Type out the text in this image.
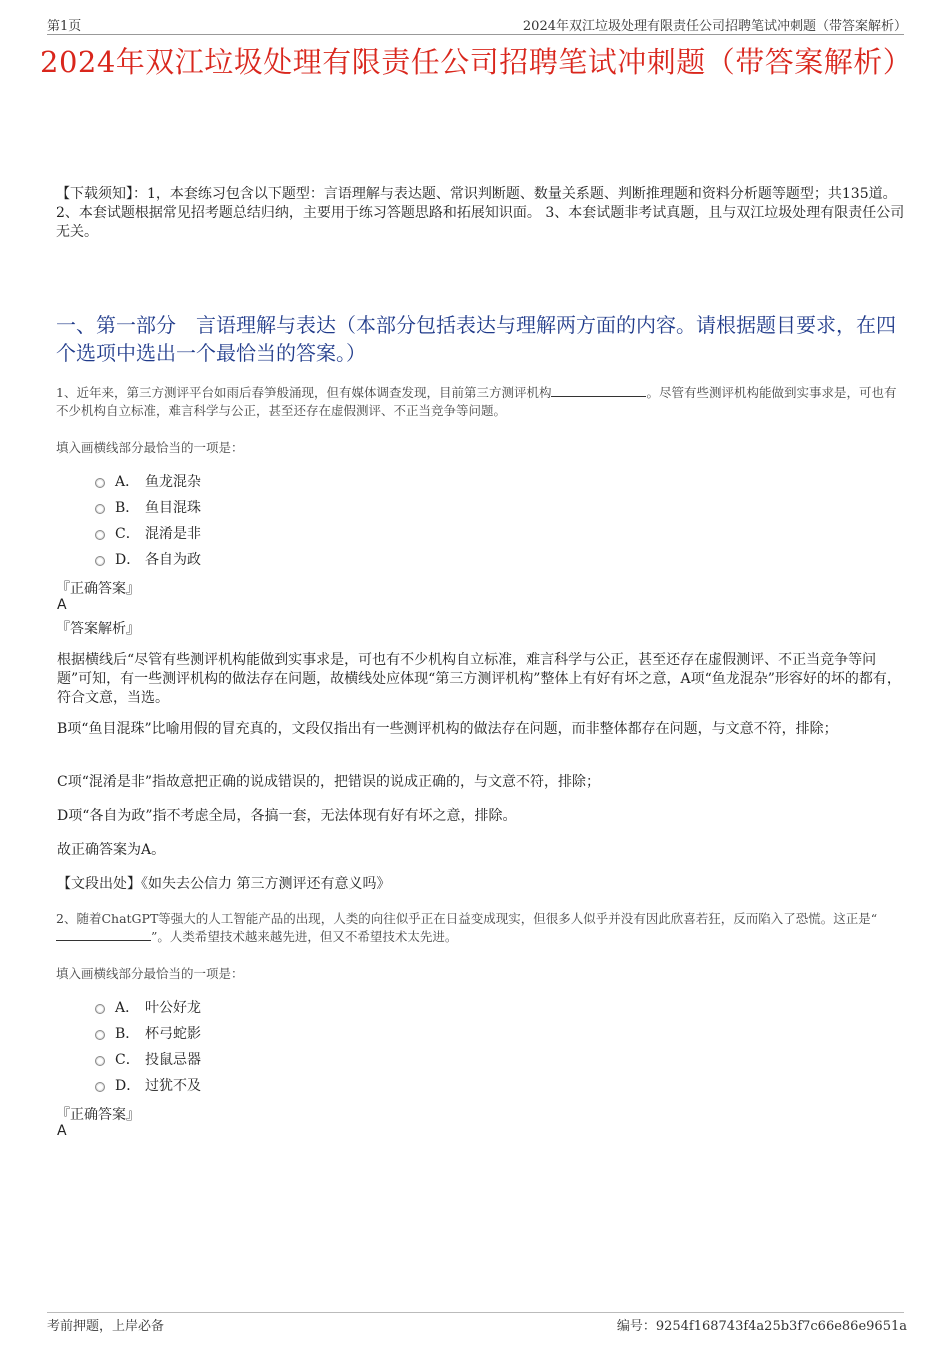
第1页	2024年双江垃圾处理有限责任公司招聘笔试冲刺题（带答案解析）
2024年双江垃圾处理有限责任公司招聘笔试冲刺题（带答案解析）
【下载须知】：1，本套练习包含以下题型：言语理解与表达题、常识判断题、数量关系题、判断推理题和资料分析题等题型；共135道。 2、本套试题根据常见招考题总结归纳，主要用于练习答题思路和拓展知识面。 3、本套试题非考试真题，且与双江垃圾处理有限责任公司无关。
一、第一部分　言语理解与表达（本部分包括表达与理解两方面的内容。请根据题目要求，在四个选项中选出一个最恰当的答案。）
1、近年来，第三方测评平台如雨后春笋般涌现，但有媒体调查发现，目前第三方测评机构	。尽管有些测评机构能做到实事求是，可也有不少机构自立标准，难言科学与公正，甚至还存在虚假测评、不正当竞争等问题。
填入画横线部分最恰当的一项是：
A． 鱼龙混杂
B． 鱼目混珠
C． 混淆是非
D． 各自为政
『正确答案』
A
『答案解析』
根据横线后“尽管有些测评机构能做到实事求是，可也有不少机构自立标准，难言科学与公正，甚至还存在虚假测评、不正当竞争等问题”可知，有一些测评机构的做法存在问题，故横线处应体现“第三方测评机构”整体上有好有坏之意，A项“鱼龙混杂”形容好的坏的都有，符合文意，当选。
B项“鱼目混珠”比喻用假的冒充真的，文段仅指出有一些测评机构的做法存在问题，而非整体都存在问题，与文意不符，排除；
C项“混淆是非”指故意把正确的说成错误的，把错误的说成正确的，与文意不符，排除；
D项“各自为政”指不考虑全局，各搞一套，无法体现有好有坏之意，排除。
故正确答案为A。
【文段出处】《如失去公信力 第三方测评还有意义吗》
2、随着ChatGPT等强大的人工智能产品的出现，人类的向往似乎正在日益变成现实，但很多人似乎并没有因此欣喜若狂，反而陷入了恐慌。这正是“”。人类希望技术越来越先进，但又不希望技术太先进。
填入画横线部分最恰当的一项是：
A． 叶公好龙
B． 杯弓蛇影
C． 投鼠忌器
D． 过犹不及
『正确答案』
A
考前押题，上岸必备	编号：9254f168743f4a25b3f7c66e86e9651a
